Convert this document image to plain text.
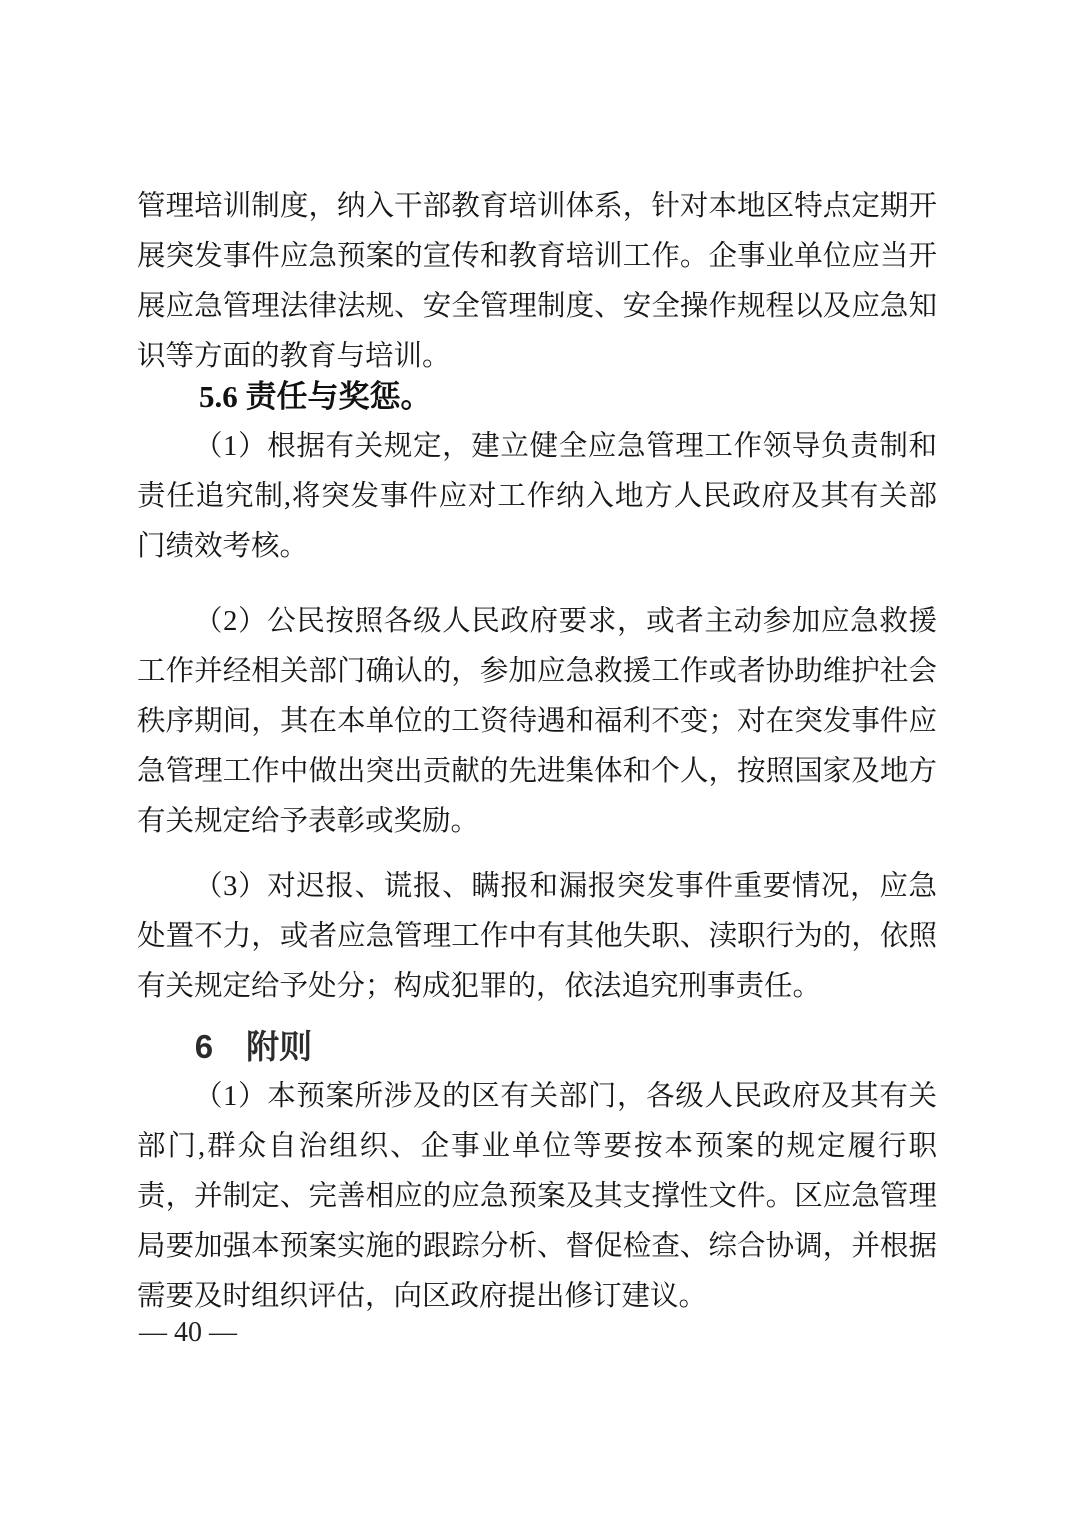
管理培训制度，纳入干部教育培训体系，针对本地区特点定期开展突发事件应急预案的宣传和教育培训工作。企事业单位应当开展应急管理法律法规、安全管理制度、安全操作规程以及应急知识等方面的教育与培训。

5.6 责任与奖惩。

（1）根据有关规定，建立健全应急管理工作领导负责制和责任追究制,将突发事件应对工作纳入地方人民政府及其有关部 门绩效考核。

（2）公民按照各级人民政府要求，或者主动参加应急救援工作并经相关部门确认的，参加应急救援工作或者协助维护社会秩序期间，其在本单位的工资待遇和福利不变；对在突发事件应 急管理工作中做出突出贡献的先进集体和个人，按照国家及地方有关规定给予表彰或奖励。

（3）对迟报、谎报、瞒报和漏报突发事件重要情况，应急处置不力，或者应急管理工作中有其他失职、渎职行为的，依照有关规定给予处分；构成犯罪的，依法追究刑事责任。

6　附则

（1）本预案所涉及的区有关部门，各级人民政府及其有关部门,群众自治组织、企事业单位等要按本预案的规定履行职责，并制定、完善相应的应急预案及其支撑性文件。区应急管理局要加强本预案实施的跟踪分析、督促检查、综合协调，并根据需要及时组织评估，向区政府提出修订建议。

— 40 —
